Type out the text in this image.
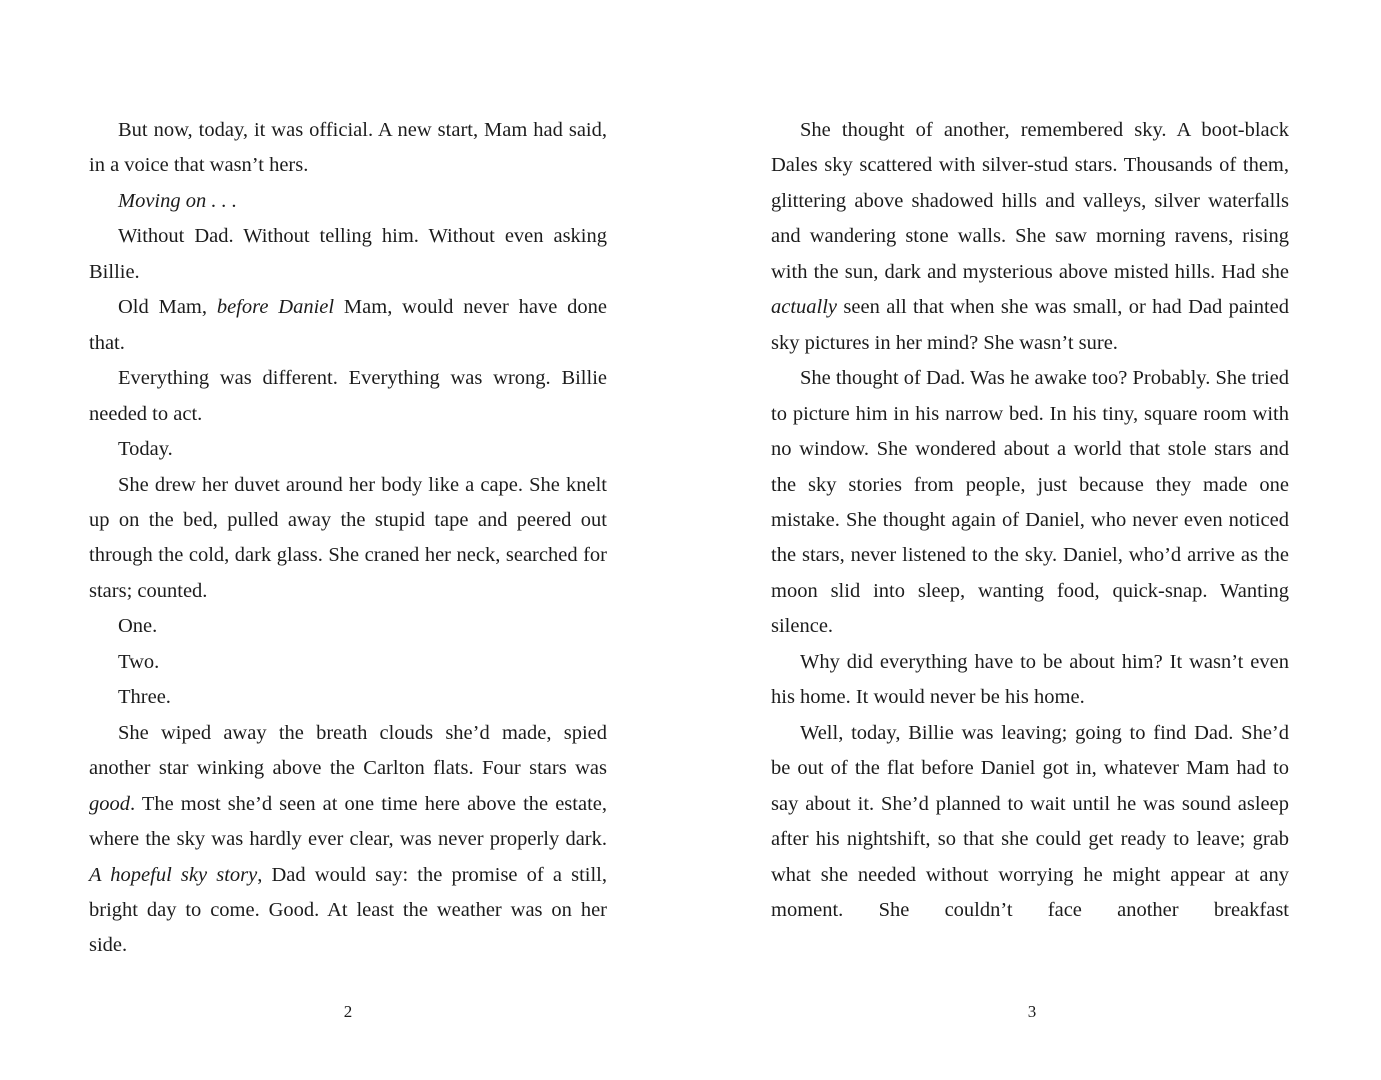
But now, today, it was official. A new start, Mam had said, in a voice that wasn’t hers.

Moving on . . .

Without Dad. Without telling him. Without even asking Billie.

Old Mam, before Daniel Mam, would never have done that.

Everything was different. Everything was wrong. Billie needed to act.

Today.

She drew her duvet around her body like a cape. She knelt up on the bed, pulled away the stupid tape and peered out through the cold, dark glass. She craned her neck, searched for stars; counted.

One.

Two.

Three.

She wiped away the breath clouds she’d made, spied another star winking above the Carlton flats. Four stars was good. The most she’d seen at one time here above the estate, where the sky was hardly ever clear, was never properly dark. A hopeful sky story, Dad would say: the promise of a still, bright day to come. Good. At least the weather was on her side.

2

She thought of another, remembered sky. A boot-black Dales sky scattered with silver-stud stars. Thousands of them, glittering above shadowed hills and valleys, silver waterfalls and wandering stone walls. She saw morning ravens, rising with the sun, dark and mysterious above misted hills. Had she actually seen all that when she was small, or had Dad painted sky pictures in her mind? She wasn’t sure.

She thought of Dad. Was he awake too? Probably. She tried to picture him in his narrow bed. In his tiny, square room with no window. She wondered about a world that stole stars and the sky stories from people, just because they made one mistake. She thought again of Daniel, who never even noticed the stars, never listened to the sky. Daniel, who’d arrive as the moon slid into sleep, wanting food, quick-snap. Wanting silence.

Why did everything have to be about him? It wasn’t even his home. It would never be his home.

Well, today, Billie was leaving; going to find Dad. She’d be out of the flat before Daniel got in, whatever Mam had to say about it. She’d planned to wait until he was sound asleep after his nightshift, so that she could get ready to leave; grab what she needed without worrying he might appear at any moment. She couldn’t face another breakfast

3
